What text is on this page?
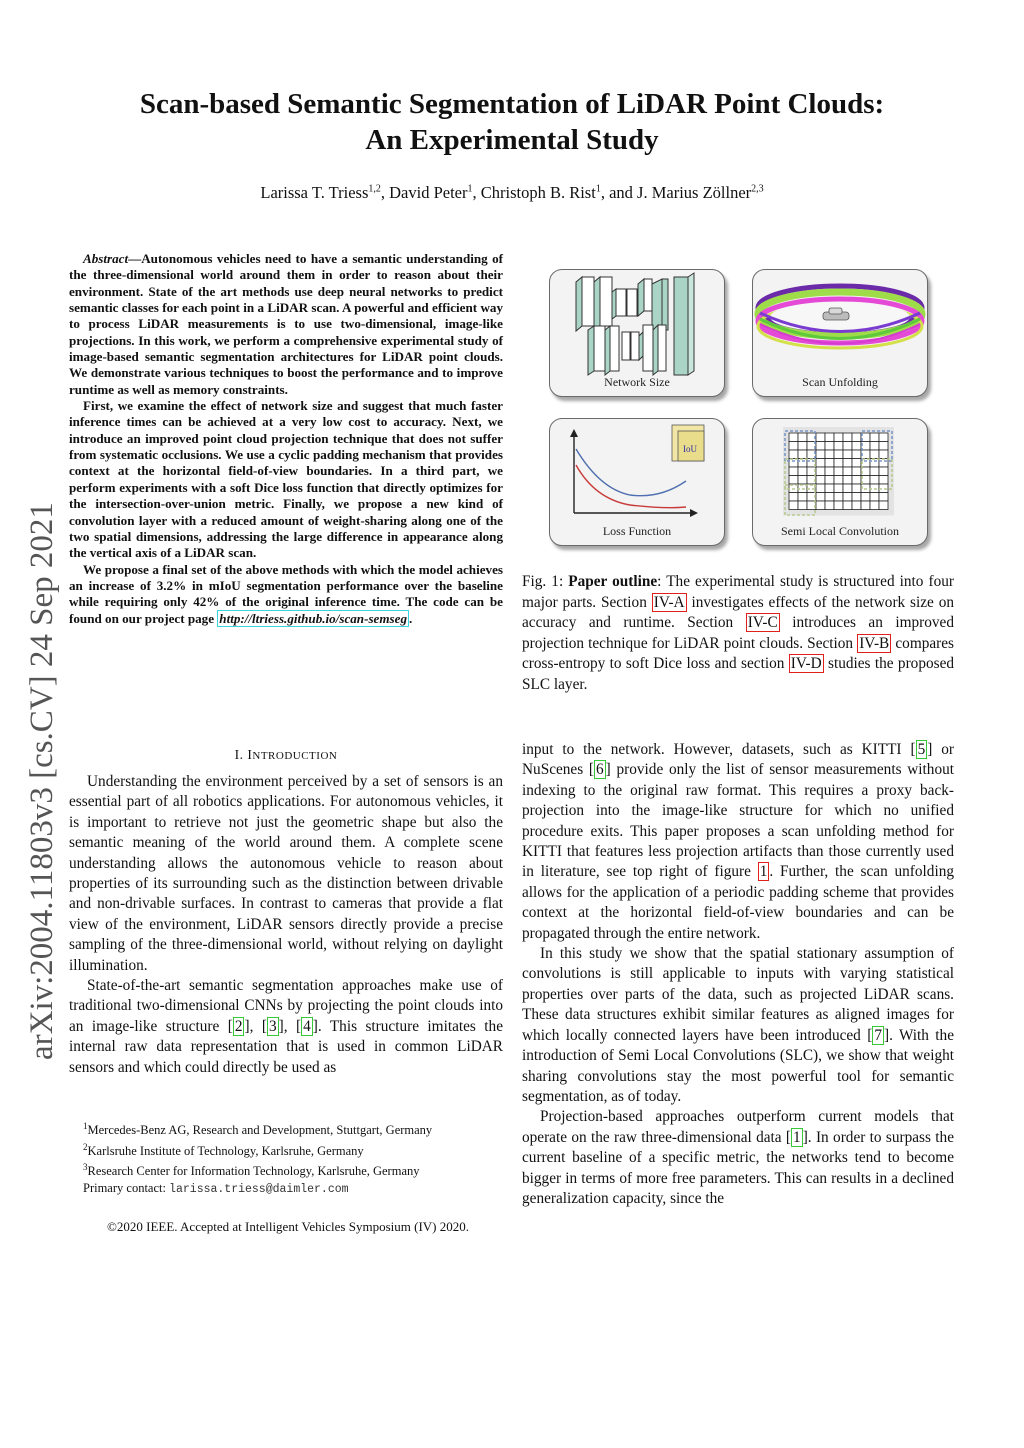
Scan-based Semantic Segmentation of LiDAR Point Clouds:
An Experimental Study
Larissa T. Triess$^{1,2}$, David Peter$^1$, Christoph B. Rist$^1$, and J. Marius Zöllner$^{2,3}$
arXiv:2004.11803v3 [cs.CV] 24 Sep 2021

Abstract—Autonomous vehicles need to have a semantic understanding of the three-dimensional world around them in order to reason about their environment. State of the art methods use deep neural networks to predict semantic classes for each point in a LiDAR scan. A powerful and efficient way to process LiDAR measurements is to use two-dimensional, image-like projections. In this work, we perform a comprehensive experimental study of image-based semantic segmentation architectures for LiDAR point clouds. We demonstrate various techniques to boost the performance and to improve runtime as well as memory constraints.

First, we examine the effect of network size and suggest that much faster inference times can be achieved at a very low cost to accuracy. Next, we introduce an improved point cloud projection technique that does not suffer from systematic occlusions. We use a cyclic padding mechanism that provides context at the horizontal field-of-view boundaries. In a third part, we perform experiments with a soft Dice loss function that directly optimizes for the intersection-over-union metric. Finally, we propose a new kind of convolution layer with a reduced amount of weight-sharing along one of the two spatial dimensions, addressing the large difference in appearance along the vertical axis of a LiDAR scan.

We propose a final set of the above methods with which the model achieves an increase of 3.2% in mIoU segmentation performance over the baseline while requiring only 42% of the original inference time. The code can be found on our project page http://ltriess.github.io/scan-semseg .

I. INTRODUCTION

Understanding the environment perceived by a set of sensors is an essential part of all robotics applications. For autonomous vehicles, it is important to retrieve not just the geometric shape but also the semantic meaning of the world around them. A complete scene understanding allows the autonomous vehicle to reason about properties of its surrounding such as the distinction between drivable and non-drivable surfaces. In contrast to cameras that provide a flat view of the environment, LiDAR sensors directly provide a precise sampling of the three-dimensional world, without relying on daylight illumination.

State-of-the-art semantic segmentation approaches make use of traditional two-dimensional CNNs by projecting the point clouds into an image-like structure [ 2 ], [ 3 ], [ 4 ]. This structure imitates the internal raw data representation that is used in common LiDAR sensors and which could directly be used as

$^1$Mercedes-Benz AG, Research and Development, Stuttgart, Germany
$^2$Karlsruhe Institute of Technology, Karlsruhe, Germany
$^3$Research Center for Information Technology, Karlsruhe, Germany
Primary contact: larissa.triess@daimler.com
©2020 IEEE. Accepted at Intelligent Vehicles Symposium (IV) 2020.
Network Size	Scan Unfolding
IoU
Loss Function	Semi Local Convolution
Fig. 1: Paper outline: The experimental study is structured into four major parts. Section IV-A investigates effects of the network size on accuracy and runtime. Section IV-C introduces an improved projection technique for LiDAR point clouds. Section IV-B compares cross-entropy to soft Dice loss and section IV-D studies the proposed SLC layer.

input to the network. However, datasets, such as KITTI [ 5 ] or NuScenes [ 6 ] provide only the list of sensor measurements without indexing to the original raw format. This requires a proxy back-projection into the image-like structure for which no unified procedure exits. This paper proposes a scan unfolding method for KITTI that features less projection artifacts than those currently used in literature, see top right of figure 1 . Further, the scan unfolding allows for the application of a periodic padding scheme that provides context at the horizontal field-of-view boundaries and can be propagated through the entire network.

In this study we show that the spatial stationary assumption of convolutions is still applicable to inputs with varying statistical properties over parts of the data, such as projected LiDAR scans. These data structures exhibit similar features as aligned images for which locally connected layers have been introduced [ 7 ]. With the introduction of Semi Local Convolutions (SLC), we show that weight sharing convolutions stay the most powerful tool for semantic segmentation, as of today.

Projection-based approaches outperform current models that operate on the raw three-dimensional data [ 1 ]. In order to surpass the current baseline of a specific metric, the networks tend to become bigger in terms of more free parameters. This can results in a declined generalization capacity, since the
